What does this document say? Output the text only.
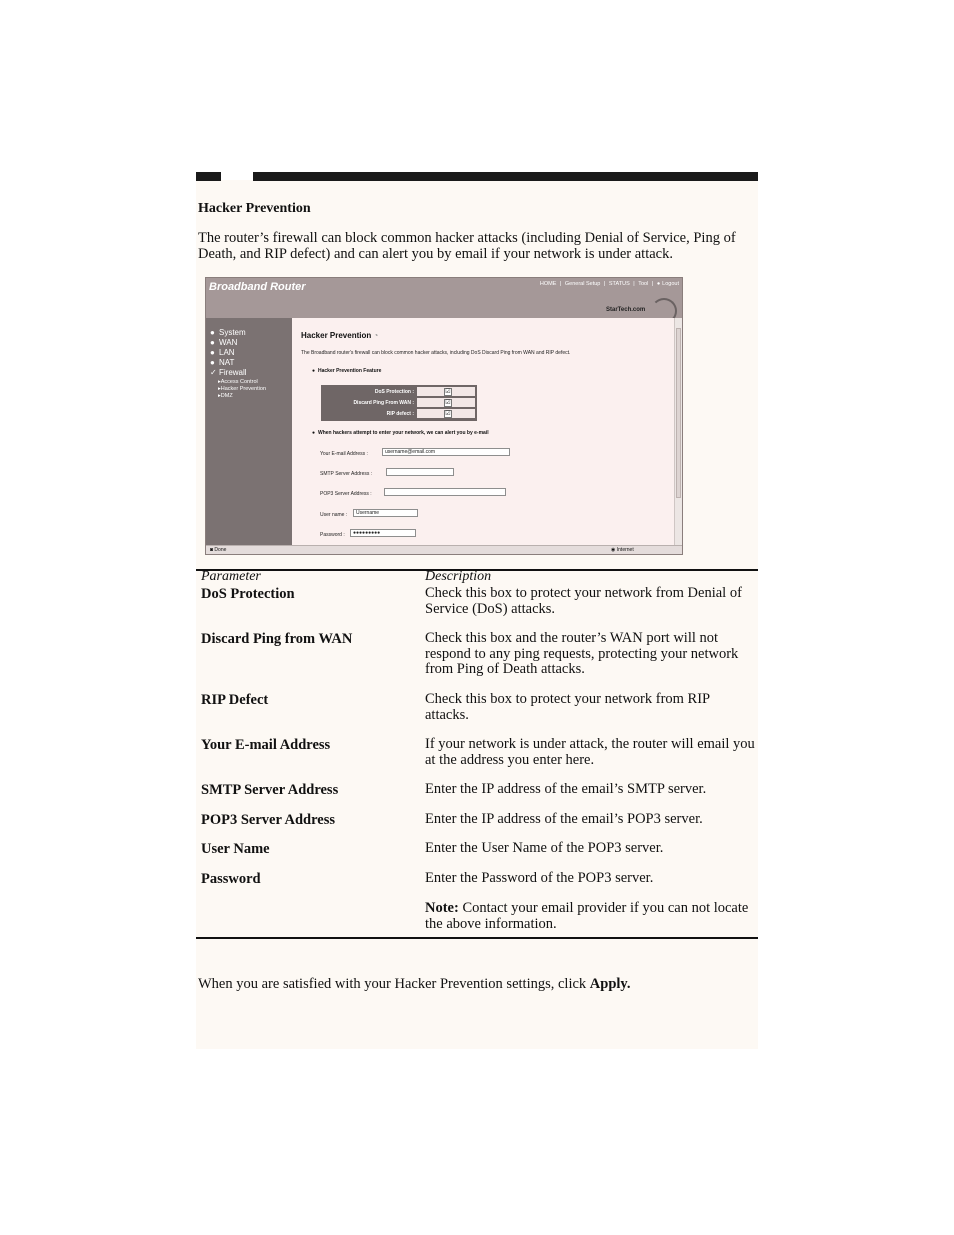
Hacker Prevention
The router’s firewall can block common hacker attacks (including Denial of Service, Ping of Death, and RIP defect) and can alert you by email if your network is under attack.
Broadband Router	HOME | General Setup | STATUS | Tool | ● Logout
StarTech.com
● System
● WAN
● LAN
● NAT
✓ Firewall
▸Access Control
▸Hacker Prevention
▸DMZ
Hacker Prevention ◔
The Broadband router's firewall can block common hacker attacks, including DoS Discard Ping from WAN and RIP defect.
● Hacker Prevention Feature
DoS Protection :	☑
Discard Ping From WAN :	☑
RIP defect :	☑
● When hackers attempt to enter your network, we can alert you by e-mail
Your E-mail Address :	username@email.com
SMTP Server Address :
POP3 Server Address :
User name :	Username
Password :	●●●●●●●●●
◙ Done	◉ Internet
Parameter	Description
DoS Protection	Check this box to protect your network from Denial of Service (DoS) attacks.
Discard Ping from WAN	Check this box and the router’s WAN port will not respond to any ping requests, protecting your network from Ping of Death attacks.
RIP Defect	Check this box to protect your network from RIP attacks.
Your E-mail Address	If your network is under attack, the router will email you at the address you enter here.
SMTP Server Address	Enter the IP address of the email’s SMTP server.
POP3 Server Address	Enter the IP address of the email’s POP3 server.
User Name	Enter the User Name of the POP3 server.
Password	Enter the Password of the POP3 server.
Note: Contact your email provider if you can not locate the above information.
When you are satisfied with your Hacker Prevention settings, click Apply.
